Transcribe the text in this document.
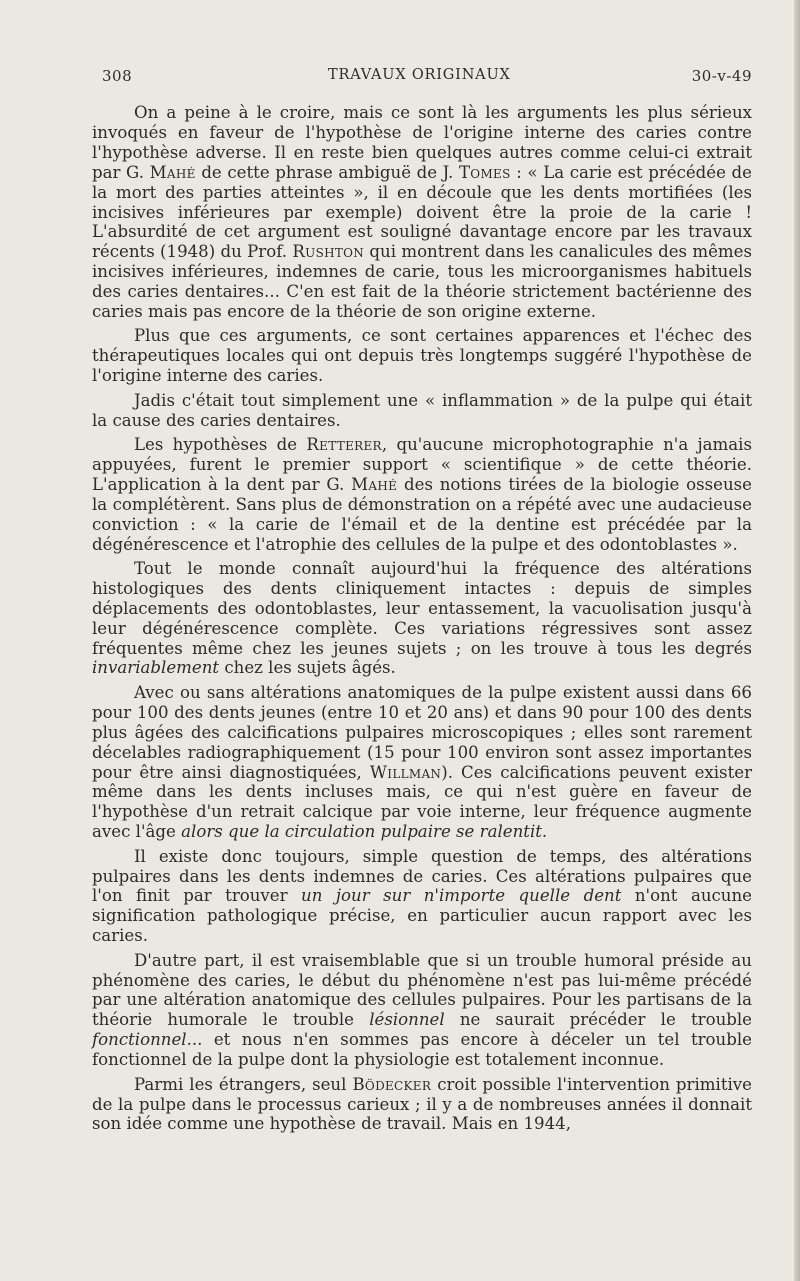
308	TRAVAUX ORIGINAUX	30-v-49

On a peine à le croire, mais ce sont là les arguments les plus sérieux invoqués en faveur de l'hypothèse de l'origine interne des caries contre l'hypothèse adverse. Il en reste bien quelques autres comme celui-ci extrait par G. Mahé de cette phrase ambiguë de J. Tomes : « La carie est précédée de la mort des parties atteintes », il en découle que les dents mortifiées (les incisives inférieures par exemple) doivent être la proie de la carie ! L'absurdité de cet argument est souligné davantage encore par les travaux récents (1948) du Prof. Rushton qui montrent dans les canalicules des mêmes incisives inférieures, indemnes de carie, tous les microorganismes habituels des caries dentaires... C'en est fait de la théorie strictement bactérienne des caries mais pas encore de la théorie de son origine externe.

Plus que ces arguments, ce sont certaines apparences et l'échec des thérapeutiques locales qui ont depuis très longtemps suggéré l'hypothèse de l'origine interne des caries.

Jadis c'était tout simplement une « inflammation » de la pulpe qui était la cause des caries dentaires.

Les hypothèses de Retterer, qu'aucune microphotographie n'a jamais appuyées, furent le premier support « scientifique » de cette théorie. L'application à la dent par G. Mahé des notions tirées de la biologie osseuse la complétèrent. Sans plus de démonstration on a répété avec une audacieuse conviction : « la carie de l'émail et de la dentine est précédée par la dégénérescence et l'atrophie des cellules de la pulpe et des odontoblastes ».

Tout le monde connaît aujourd'hui la fréquence des altérations histologiques des dents cliniquement intactes : depuis de simples déplacements des odontoblastes, leur entassement, la vacuolisation jusqu'à leur dégénérescence complète. Ces variations régressives sont assez fréquentes même chez les jeunes sujets ; on les trouve à tous les degrés invariablement chez les sujets âgés.

Avec ou sans altérations anatomiques de la pulpe existent aussi dans 66 pour 100 des dents jeunes (entre 10 et 20 ans) et dans 90 pour 100 des dents plus âgées des calcifications pulpaires microscopiques ; elles sont rarement décelables radiographiquement (15 pour 100 environ sont assez importantes pour être ainsi diagnostiquées, Willman). Ces calcifications peuvent exister même dans les dents incluses mais, ce qui n'est guère en faveur de l'hypothèse d'un retrait calcique par voie interne, leur fréquence augmente avec l'âge alors que la circulation pulpaire se ralentit.

Il existe donc toujours, simple question de temps, des altérations pulpaires dans les dents indemnes de caries. Ces altérations pulpaires que l'on finit par trouver un jour sur n'importe quelle dent n'ont aucune signification pathologique précise, en particulier aucun rapport avec les caries.

D'autre part, il est vraisemblable que si un trouble humoral préside au phénomène des caries, le début du phénomène n'est pas lui-même précédé par une altération anatomique des cellules pulpaires. Pour les partisans de la théorie humorale le trouble lésionnel ne saurait précéder le trouble fonctionnel... et nous n'en sommes pas encore à déceler un tel trouble fonctionnel de la pulpe dont la physiologie est totalement inconnue.

Parmi les étrangers, seul Bödecker croit possible l'intervention primitive de la pulpe dans le processus carieux ; il y a de nombreuses années il donnait son idée comme une hypothèse de travail. Mais en 1944,
